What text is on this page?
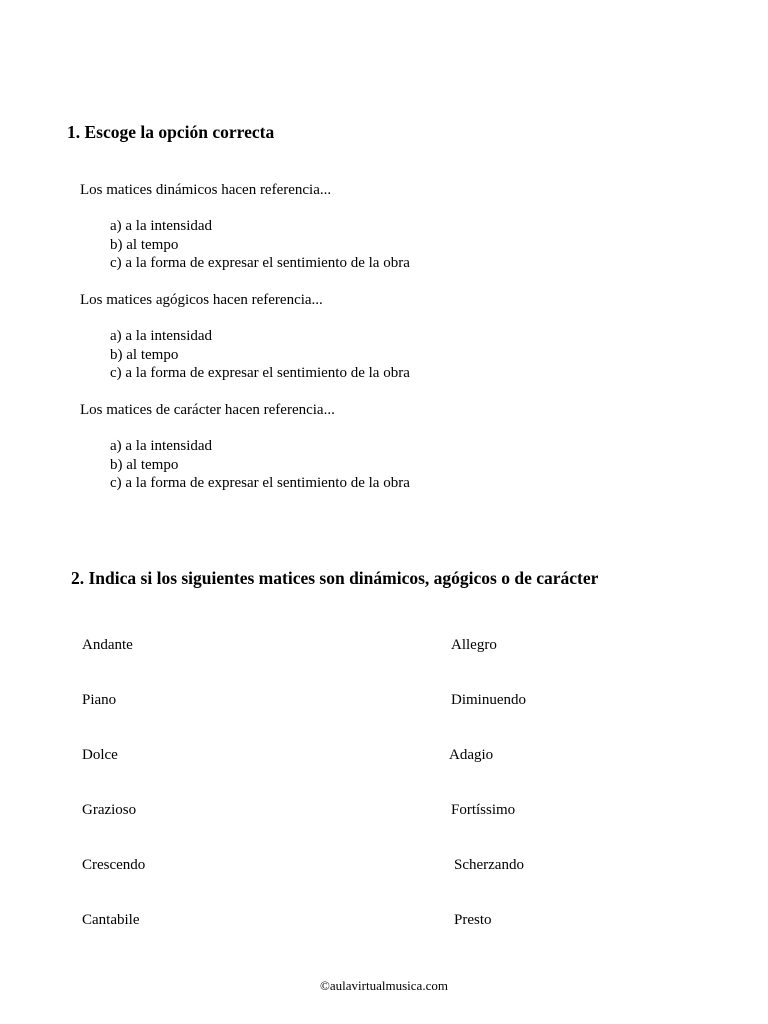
1. Escoge la opción correcta
Los matices dinámicos hacen referencia...
a) a la intensidad
b) al tempo
c) a la forma de expresar el sentimiento de la obra
Los matices agógicos hacen referencia...
a) a la intensidad
b) al tempo
c) a la forma de expresar el sentimiento de la obra
Los matices de carácter hacen referencia...
a) a la intensidad
b) al tempo
c) a la forma de expresar el sentimiento de la obra
2. Indica si los siguientes matices son dinámicos, agógicos o de carácter
Andante
Piano
Dolce
Grazioso
Crescendo
Cantabile
Allegro
Diminuendo
Adagio
Fortíssimo
Scherzando
Presto
©aulavirtualmusica.com
